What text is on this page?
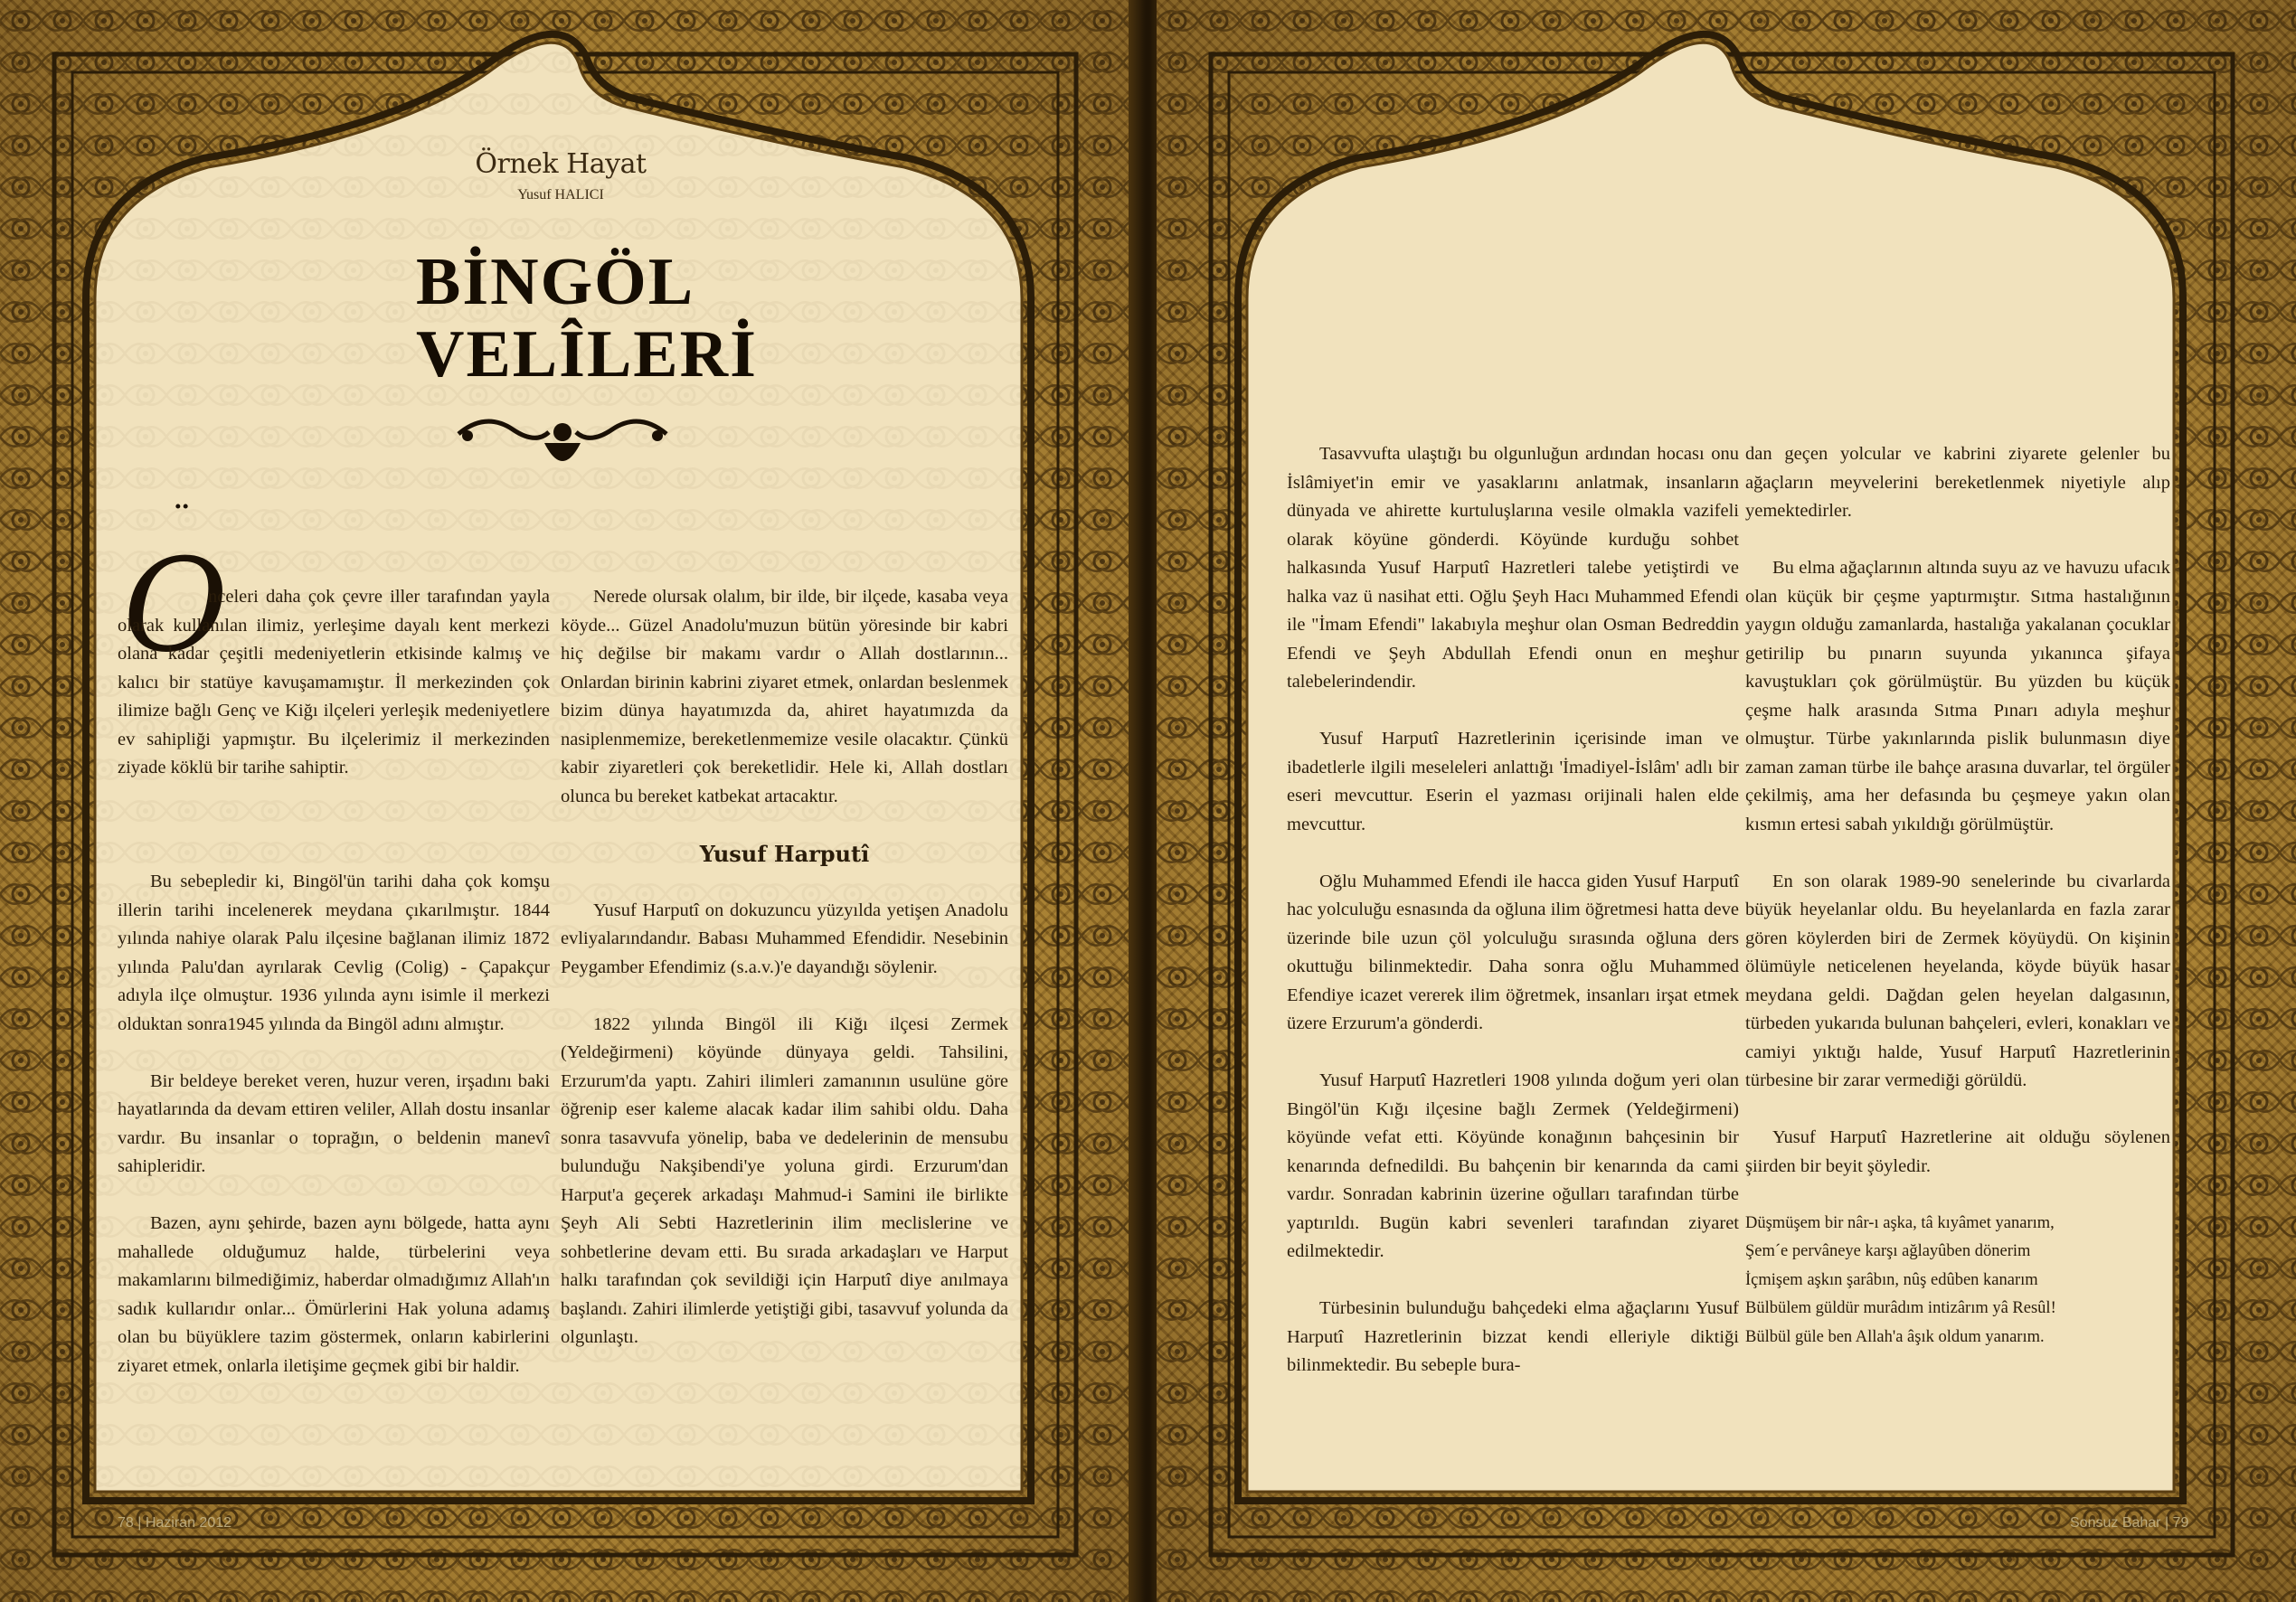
Örnek Hayat
Yusuf HALICI
BİNGÖL
VELÎLERİ
¨
O

nceleri daha çok çevre iller tarafından yayla olarak kullanılan ilimiz, yerleşime dayalı kent merkezi olana kadar çeşitli medeniyetlerin etkisinde kalmış ve kalıcı bir statüye kavuşamamıştır. İl merkezinden çok ilimize bağlı Genç ve Kiğı ilçeleri yerleşik medeniyetlere ev sahipliği yapmıştır. Bu ilçelerimiz il merkezinden ziyade köklü bir tarihe sahiptir.

Bu sebepledir ki, Bingöl'ün tarihi daha çok komşu illerin tarihi incelenerek meydana çıkarılmıştır. 1844 yılında nahiye olarak Palu ilçesine bağlanan ilimiz 1872 yılında Palu'dan ayrılarak Cevlig (Colig) - Çapakçur adıyla ilçe olmuştur. 1936 yılında aynı isimle il merkezi olduktan sonra1945 yılında da Bingöl adını almıştır.

Bir beldeye bereket veren, huzur veren, irşadını baki hayatlarında da devam ettiren veliler, Allah dostu insanlar vardır. Bu insanlar o toprağın, o beldenin manevî sahipleridir.

Bazen, aynı şehirde, bazen aynı bölgede, hatta aynı mahallede olduğumuz halde, türbelerini veya makamlarını bilmediğimiz, haberdar olmadığımız Allah'ın sadık kullarıdır onlar... Ömürlerini Hak yoluna adamış olan bu büyüklere tazim göstermek, onların kabirlerini ziyaret etmek, onlarla iletişime geçmek gibi bir haldir.

Nerede olursak olalım, bir ilde, bir ilçede, kasaba veya köyde... Güzel Anadolu'muzun bütün yöresinde bir kabri hiç değilse bir makamı vardır o Allah dostlarının... Onlardan birinin kabrini ziyaret etmek, onlardan beslenmek bizim dünya hayatımızda da, ahiret hayatımızda da nasiplenmemize, bereketlenmemize vesile olacaktır. Çünkü kabir ziyaretleri çok bereketlidir. Hele ki, Allah dostları olunca bu bereket katbekat artacaktır.

Yusuf Harputî

Yusuf Harputî on dokuzuncu yüzyılda yetişen Anadolu evliyalarındandır. Babası Muhammed Efendidir. Nesebinin Peygamber Efendimiz (s.a.v.)'e dayandığı söylenir.

1822 yılında Bingöl ili Kiğı ilçesi Zermek (Yeldeğirmeni) köyünde dünyaya geldi. Tahsilini, Erzurum'da yaptı. Zahiri ilimleri zamanının usulüne göre öğrenip eser kaleme alacak kadar ilim sahibi oldu. Daha sonra tasavvufa yönelip, baba ve dedelerinin de mensubu bulunduğu Nakşibendi'ye yoluna girdi. Erzurum'dan Harput'a geçerek arkadaşı Mahmud-i Samini ile birlikte Şeyh Ali Sebti Hazretlerinin ilim meclislerine ve sohbetlerine devam etti. Bu sırada arkadaşları ve Harput halkı tarafından çok sevildiği için Harputî diye anılmaya başlandı. Zahiri ilimlerde yetiştiği gibi, tasavvuf yolunda da olgunlaştı.

78 | Haziran 2012

Tasavvufta ulaştığı bu olgunluğun ardından hocası onu İslâmiyet'in emir ve yasaklarını anlatmak, insanların dünyada ve ahirette kurtuluşlarına vesile olmakla vazifeli olarak köyüne gönderdi. Köyünde kurduğu sohbet halkasında Yusuf Harputî Hazretleri talebe yetiştirdi ve halka vaz ü nasihat etti. Oğlu Şeyh Hacı Muhammed Efendi ile "İmam Efendi" lakabıyla meşhur olan Osman Bedreddin Efendi ve Şeyh Abdullah Efendi onun en meşhur talebelerindendir.

Yusuf Harputî Hazretlerinin içerisinde iman ve ibadetlerle ilgili meseleleri anlattığı 'İmadiyel-İslâm' adlı bir eseri mevcuttur. Eserin el yazması orijinali halen elde mevcuttur.

Oğlu Muhammed Efendi ile hacca giden Yusuf Harputî hac yolculuğu esnasında da oğluna ilim öğretmesi hatta deve üzerinde bile uzun çöl yolculuğu sırasında oğluna ders okuttuğu bilinmektedir. Daha sonra oğlu Muhammed Efendiye icazet vererek ilim öğretmek, insanları irşat etmek üzere Erzurum'a gönderdi.

Yusuf Harputî Hazretleri 1908 yılında doğum yeri olan Bingöl'ün Kığı ilçesine bağlı Zermek (Yeldeğirmeni) köyünde vefat etti. Köyünde konağının bahçesinin bir kenarında defnedildi. Bu bahçenin bir kenarında da cami vardır. Sonradan kabrinin üzerine oğulları tarafından türbe yaptırıldı. Bugün kabri sevenleri tarafından ziyaret edilmektedir.

Türbesinin bulunduğu bahçedeki elma ağaçlarını Yusuf Harputî Hazretlerinin bizzat kendi elleriyle diktiği bilinmektedir. Bu sebeple bura-

dan geçen yolcular ve kabrini ziyarete gelenler bu ağaçların meyvelerini bereketlenmek niyetiyle alıp yemektedirler.

Bu elma ağaçlarının altında suyu az ve havuzu ufacık olan küçük bir çeşme yaptırmıştır. Sıtma hastalığının yaygın olduğu zamanlarda, hastalığa yakalanan çocuklar getirilip bu pınarın suyunda yıkanınca şifaya kavuştukları çok görülmüştür. Bu yüzden bu küçük çeşme halk arasında Sıtma Pınarı adıyla meşhur olmuştur. Türbe yakınlarında pislik bulunmasın diye zaman zaman türbe ile bahçe arasına duvarlar, tel örgüler çekilmiş, ama her defasında bu çeşmeye yakın olan kısmın ertesi sabah yıkıldığı görülmüştür.

En son olarak 1989-90 senelerinde bu civarlarda büyük heyelanlar oldu. Bu heyelanlarda en fazla zarar gören köylerden biri de Zermek köyüydü. On kişinin ölümüyle neticelenen heyelanda, köyde büyük hasar meydana geldi. Dağdan gelen heyelan dalgasının, türbeden yukarıda bulunan bahçeleri, evleri, konakları ve camiyi yıktığı halde, Yusuf Harputî Hazretlerinin türbesine bir zarar vermediği görüldü.

Yusuf Harputî Hazretlerine ait olduğu söylenen şiirden bir beyit şöyledir.

Düşmüşem bir nâr-ı aşka, tâ kıyâmet yanarım,
Şem´e pervâneye karşı ağlayûben dönerim
İçmişem aşkın şarâbın, nûş edûben kanarım
Bülbülem güldür murâdım intizârım yâ Resûl!
Bülbül güle ben Allah'a âşık oldum yanarım.
Sonsuz Bahar | 79
